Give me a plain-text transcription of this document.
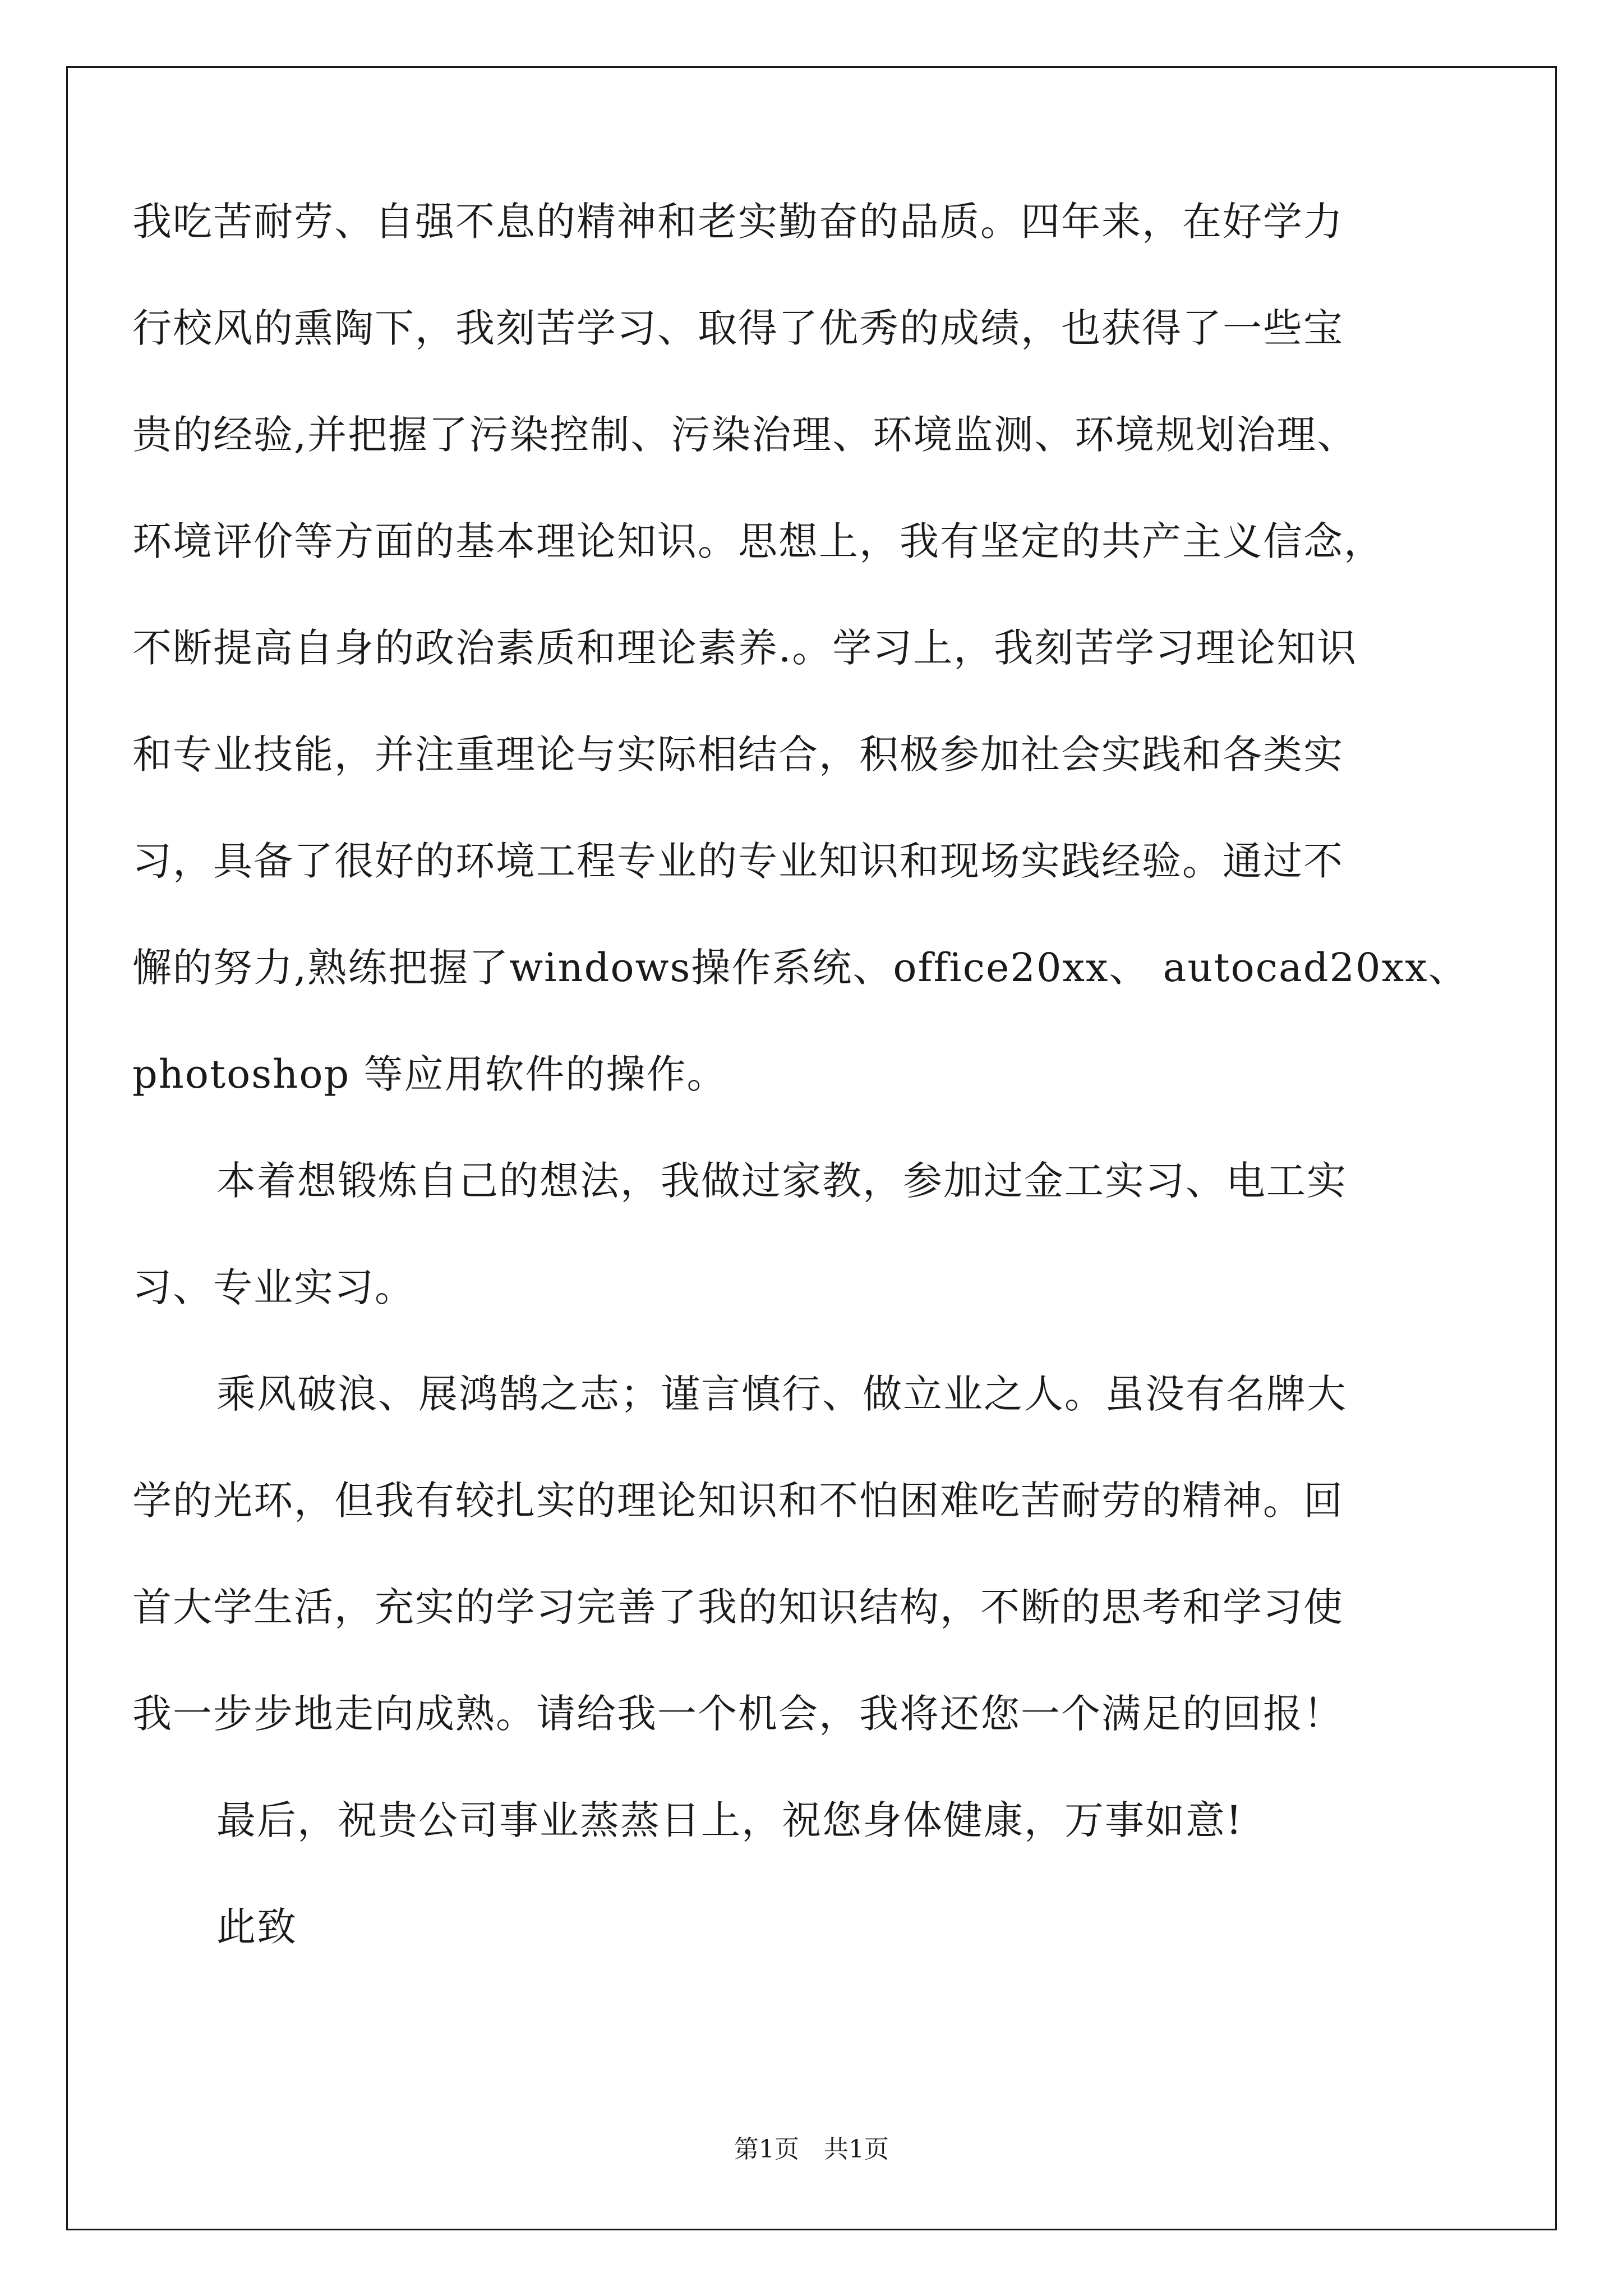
我吃苦耐劳、自强不息的精神和老实勤奋的品质。四年来，在好学力
行校风的熏陶下，我刻苦学习、取得了优秀的成绩，也获得了一些宝
贵的经验,并把握了污染控制、污染治理、环境监测、环境规划治理、
环境评价等方面的基本理论知识。思想上，我有坚定的共产主义信念，
不断提高自身的政治素质和理论素养.。学习上，我刻苦学习理论知识
和专业技能，并注重理论与实际相结合，积极参加社会实践和各类实
习，具备了很好的环境工程专业的专业知识和现场实践经验。通过不
懈的努力,熟练把握了windows操作系统、office20xx、 autocad20xx、
photoshop 等应用软件的操作。
本着想锻炼自己的想法，我做过家教，参加过金工实习、电工实
习、专业实习。
乘风破浪、展鸿鹄之志；谨言慎行、做立业之人。虽没有名牌大
学的光环，但我有较扎实的理论知识和不怕困难吃苦耐劳的精神。回
首大学生活，充实的学习完善了我的知识结构，不断的思考和学习使
我一步步地走向成熟。请给我一个机会，我将还您一个满足的回报！
最后，祝贵公司事业蒸蒸日上，祝您身体健康，万事如意!
此致
第1页　共1页
